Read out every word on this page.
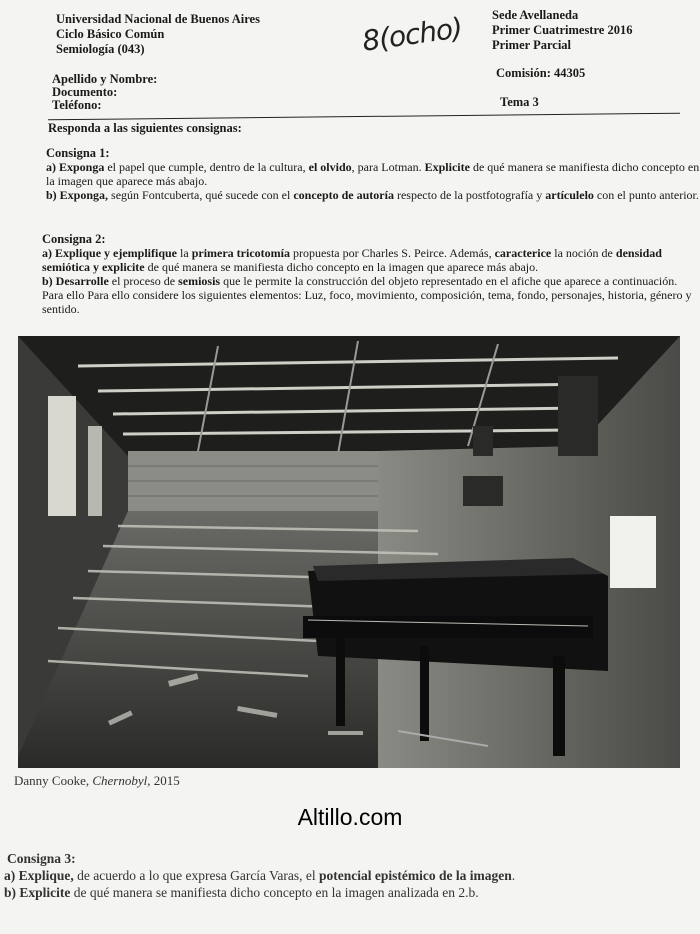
Universidad Nacional de Buenos Aires
Ciclo Básico Común
Semiología (043)	8(ocho) Sede Avellaneda
Primer Cuatrimestre 2016
Primer Parcial
Comisión: 44305
Apellido y Nombre:
Documento:
Teléfono:	Tema 3
Responda a las siguientes consignas:
Consigna 1:

a) Exponga el papel que cumple, dentro de la cultura, el olvido, para Lotman. Explicite de qué manera se manifiesta dicho concepto en la imagen que aparece más abajo.

b) Exponga, según Fontcuberta, qué sucede con el concepto de autoría respecto de la postfotografía y artículelo con el punto anterior.

Consigna 2:

a) Explique y ejemplifique la primera tricotomía propuesta por Charles S. Peirce. Además, caracterice la noción de densidad semiótica y explicite de qué manera se manifiesta dicho concepto en la imagen que aparece más abajo.

b) Desarrolle el proceso de semiosis que le permite la construcción del objeto representado en el afiche que aparece a continuación. Para ello Para ello considere los siguientes elementos: Luz, foco, movimiento, composición, tema, fondo, personajes, historia, género y sentido.

Danny Cooke, Chernobyl, 2015
Altillo.com
Consigna 3:
a) Explique, de acuerdo a lo que expresa García Varas, el potencial epistémico de la imagen.
b) Explicite de qué manera se manifiesta dicho concepto en la imagen analizada en 2.b.
